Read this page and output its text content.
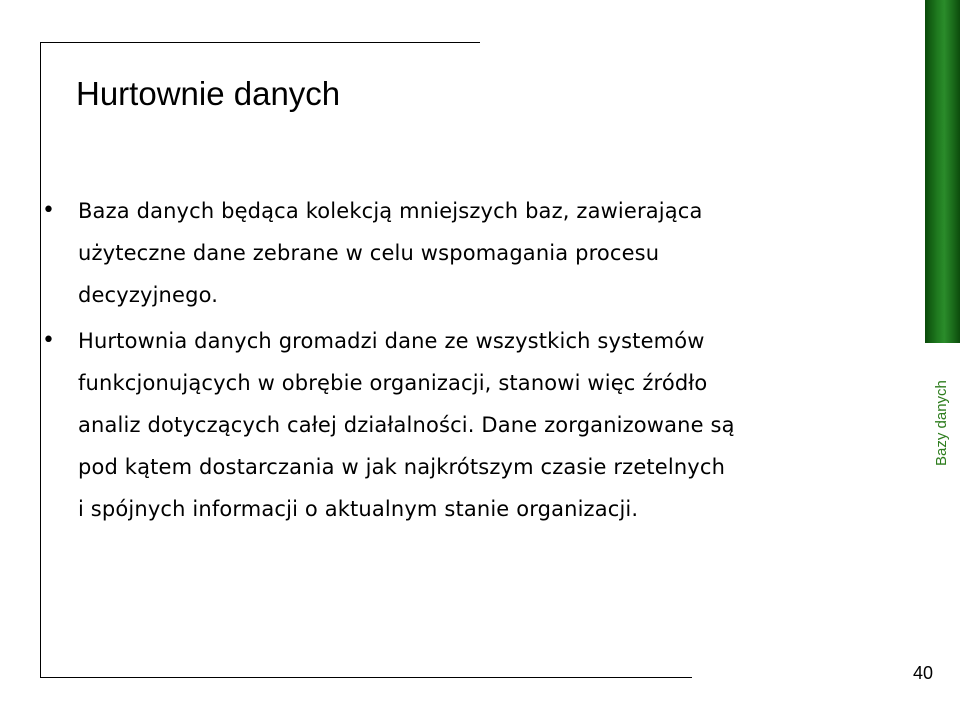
Bazy danych
Hurtownie danych
•	Baza danych będąca kolekcją mniejszych baz, zawierająca
użyteczne dane zebrane w celu wspomagania procesu
decyzyjnego.
•	Hurtownia danych gromadzi dane ze wszystkich systemów
funkcjonujących w obrębie organizacji, stanowi więc źródło
analiz dotyczących całej działalności. Dane zorganizowane są
pod kątem dostarczania w jak najkrótszym czasie rzetelnych
i spójnych informacji o aktualnym stanie organizacji.
40
